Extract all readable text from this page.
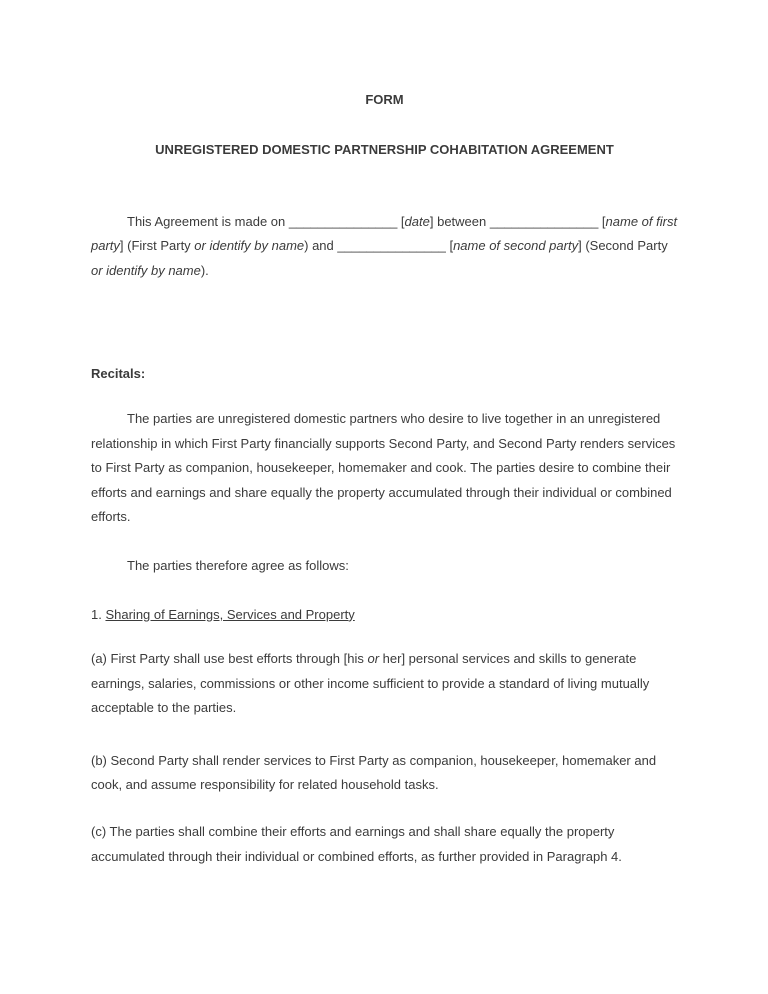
FORM

UNREGISTERED DOMESTIC PARTNERSHIP COHABITATION AGREEMENT

This Agreement is made on _______________ [date] between _______________ [name of first party] (First Party or identify by name) and _______________ [name of second party] (Second Party or identify by name).

Recitals:

The parties are unregistered domestic partners who desire to live together in an unregistered relationship in which First Party financially supports Second Party, and Second Party renders services to First Party as companion, housekeeper, homemaker and cook. The parties desire to combine their efforts and earnings and share equally the property accumulated through their individual or combined efforts.

The parties therefore agree as follows:

1. Sharing of Earnings, Services and Property

(a) First Party shall use best efforts through [his or her] personal services and skills to generate earnings, salaries, commissions or other income sufficient to provide a standard of living mutually acceptable to the parties.

(b) Second Party shall render services to First Party as companion, housekeeper, homemaker and cook, and assume responsibility for related household tasks.

(c) The parties shall combine their efforts and earnings and shall share equally the property accumulated through their individual or combined efforts, as further provided in Paragraph 4.
